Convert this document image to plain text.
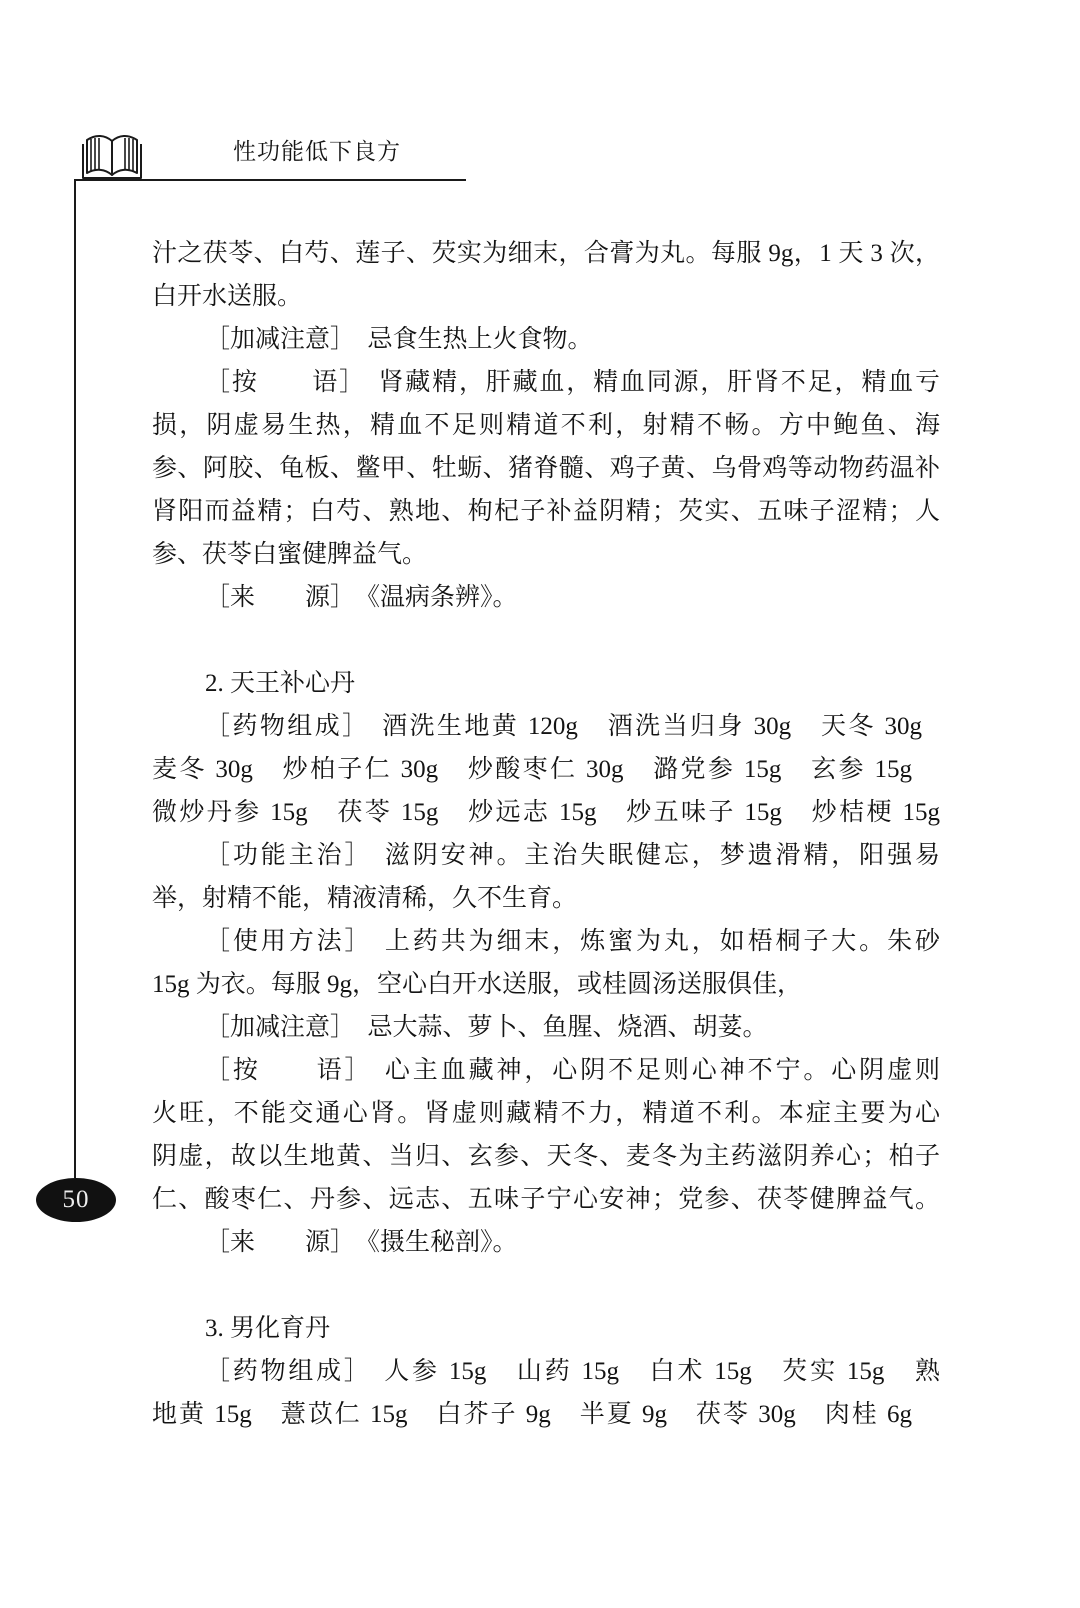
性功能低下良方
汁之茯苓、白芍、莲子、芡实为细末，合膏为丸。每服 9g，1 天 3 次，
白开水送服。
［加减注意］ 忌食生热上火食物。
［按　　语］ 肾藏精，肝藏血，精血同源，肝肾不足，精血亏
损，阴虚易生热，精血不足则精道不利，射精不畅。方中鲍鱼、海
参、阿胶、龟板、鳖甲、牡蛎、猪脊髓、鸡子黄、乌骨鸡等动物药温补
肾阳而益精；白芍、熟地、枸杞子补益阴精；芡实、五味子涩精；人
参、茯苓白蜜健脾益气。
［来　　源］ 《温病条辨》。
2. 天王补心丹
［药物组成］ 酒洗生地黄 120g　酒洗当归身 30g　天冬 30g
麦冬 30g　炒柏子仁 30g　炒酸枣仁 30g　潞党参 15g　玄参 15g
微炒丹参 15g　茯苓 15g　炒远志 15g　炒五味子 15g　炒桔梗 15g
［功能主治］ 滋阴安神。主治失眠健忘，梦遗滑精，阳强易
举，射精不能，精液清稀，久不生育。
［使用方法］ 上药共为细末，炼蜜为丸，如梧桐子大。朱砂
15g 为衣。每服 9g，空心白开水送服，或桂圆汤送服俱佳，
［加减注意］ 忌大蒜、萝卜、鱼腥、烧酒、胡荽。
［按　　语］ 心主血藏神，心阴不足则心神不宁。心阴虚则
火旺，不能交通心肾。肾虚则藏精不力，精道不利。本症主要为心
阴虚，故以生地黄、当归、玄参、天冬、麦冬为主药滋阴养心；柏子
仁、酸枣仁、丹参、远志、五味子宁心安神；党参、茯苓健脾益气。
［来　　源］ 《摄生秘剖》。
3. 男化育丹
［药物组成］ 人参 15g　山药 15g　白术 15g　芡实 15g　熟
地黄 15g　薏苡仁 15g　白芥子 9g　半夏 9g　茯苓 30g　肉桂 6g
50
